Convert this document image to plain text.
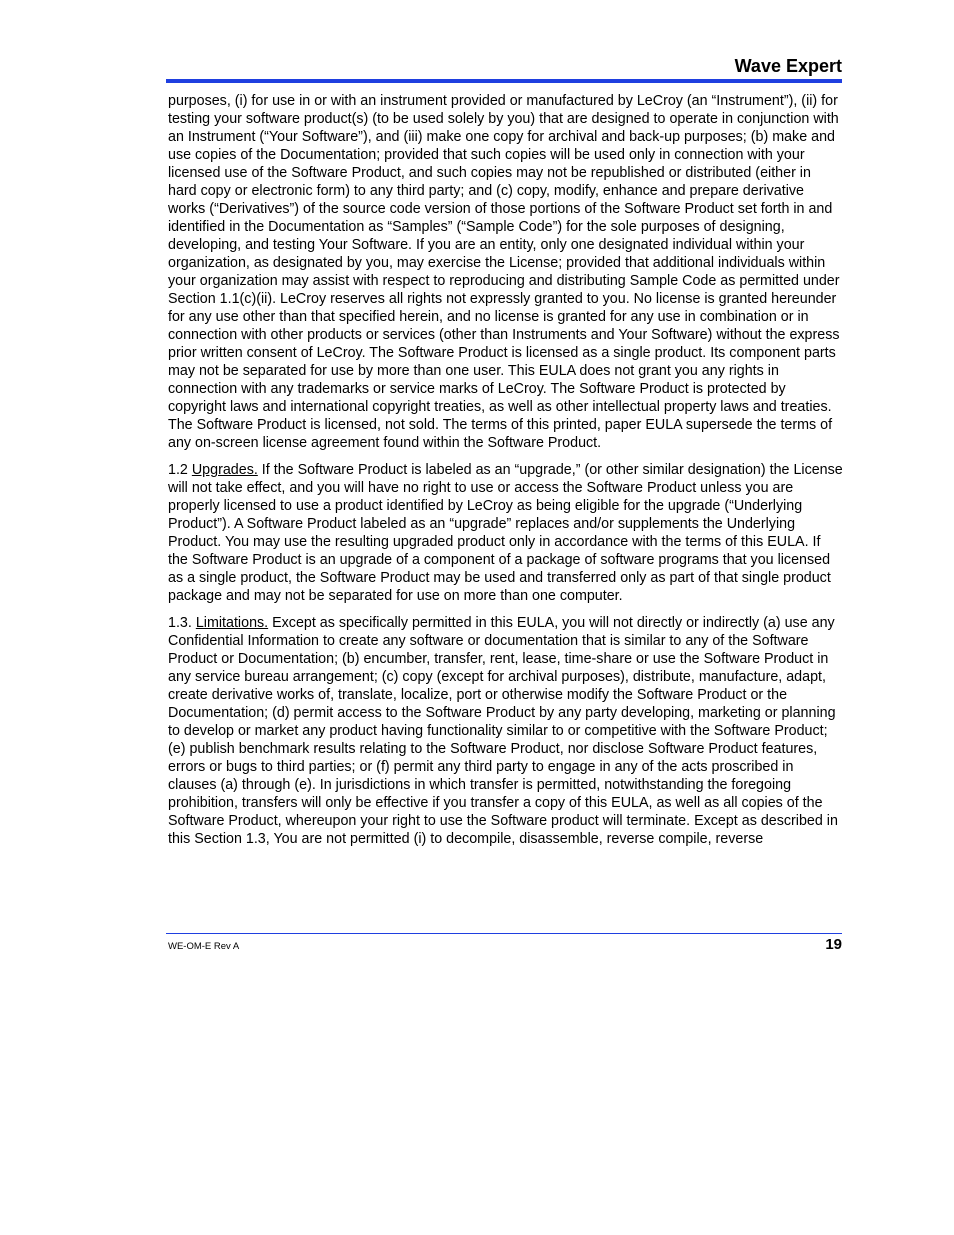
Wave Expert

purposes, (i) for use in or with an instrument provided or manufactured by LeCroy (an “Instrument”), (ii) for testing your software product(s) (to be used solely by you) that are designed to operate in conjunction with an Instrument (“Your Software”), and (iii) make one copy for archival and back-up purposes; (b) make and use copies of the Documentation; provided that such copies will be used only in connection with your licensed use of the Software Product, and such copies may not be republished or distributed (either in hard copy or electronic form) to any third party; and (c) copy, modify, enhance and prepare derivative works (“Derivatives”) of the source code version of those portions of the Software Product set forth in and identified in the Documentation as “Samples” (“Sample Code”) for the sole purposes of designing, developing, and testing Your Software. If you are an entity, only one designated individual within your organization, as designated by you, may exercise the License; provided that additional individuals within your organization may assist with respect to reproducing and distributing Sample Code as permitted under Section 1.1(c)(ii). LeCroy reserves all rights not expressly granted to you. No license is granted hereunder for any use other than that specified herein, and no license is granted for any use in combination or in connection with other products or services (other than Instruments and Your Software) without the express prior written consent of LeCroy. The Software Product is licensed as a single product. Its component parts may not be separated for use by more than one user. This EULA does not grant you any rights in connection with any trademarks or service marks of LeCroy. The Software Product is protected by copyright laws and international copyright treaties, as well as other intellectual property laws and treaties. The Software Product is licensed, not sold. The terms of this printed, paper EULA supersede the terms of any on-screen license agreement found within the Software Product.

1.2 Upgrades. If the Software Product is labeled as an “upgrade,” (or other similar designation) the License will not take effect, and you will have no right to use or access the Software Product unless you are properly licensed to use a product identified by LeCroy as being eligible for the upgrade (“Underlying Product”). A Software Product labeled as an “upgrade” replaces and/or supplements the Underlying Product. You may use the resulting upgraded product only in accordance with the terms of this EULA. If the Software Product is an upgrade of a component of a package of software programs that you licensed as a single product, the Software Product may be used and transferred only as part of that single product package and may not be separated for use on more than one computer.

1.3. Limitations. Except as specifically permitted in this EULA, you will not directly or indirectly (a) use any Confidential Information to create any software or documentation that is similar to any of the Software Product or Documentation; (b) encumber, transfer, rent, lease, time-share or use the Software Product in any service bureau arrangement; (c) copy (except for archival purposes), distribute, manufacture, adapt, create derivative works of, translate, localize, port or otherwise modify the Software Product or the Documentation; (d) permit access to the Software Product by any party developing, marketing or planning to develop or market any product having functionality similar to or competitive with the Software Product; (e) publish benchmark results relating to the Software Product, nor disclose Software Product features, errors or bugs to third parties; or (f) permit any third party to engage in any of the acts proscribed in clauses (a) through (e). In jurisdictions in which transfer is permitted, notwithstanding the foregoing prohibition, transfers will only be effective if you transfer a copy of this EULA, as well as all copies of the Software Product, whereupon your right to use the Software product will terminate. Except as described in this Section 1.3, You are not permitted (i) to decompile, disassemble, reverse compile, reverse

WE-OM-E Rev A	19
